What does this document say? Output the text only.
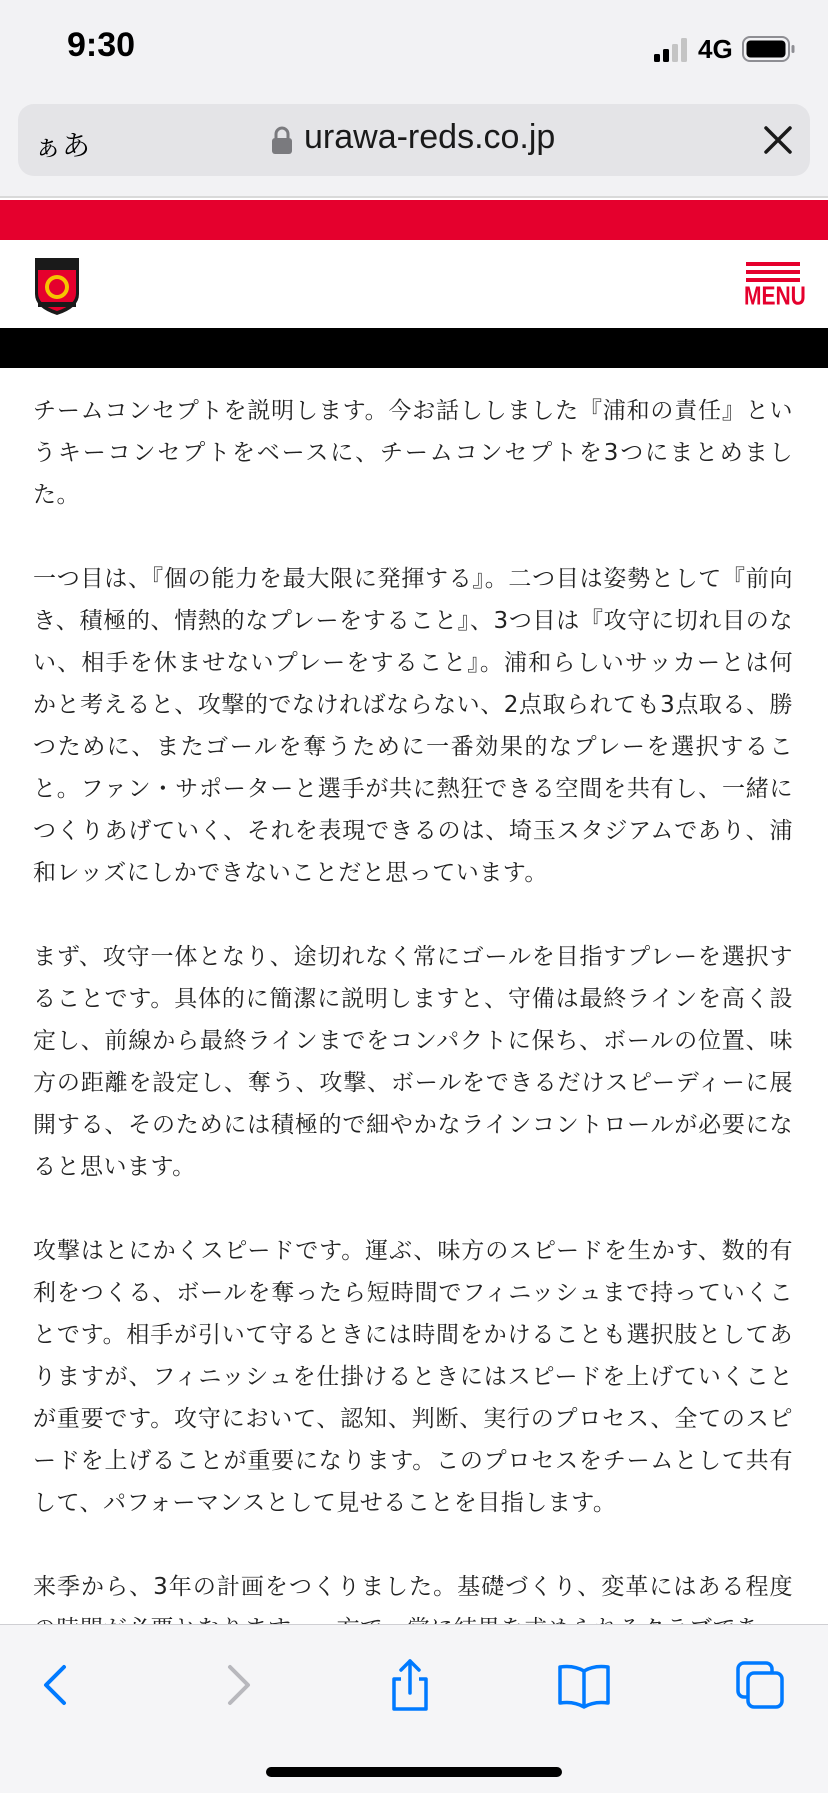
9:30	4G
ぁあ	urawa-reds.co.jp
MENU

チームコンセプトを説明します。今お話ししました『浦和の責任』というキーコンセプトをベースに、チームコンセプトを3つにまとめました。

一つ目は、『個の能力を最大限に発揮する』。二つ目は姿勢として『前向き、積極的、情熱的なプレーをすること』、3つ目は『攻守に切れ目のない、相手を休ませないプレーをすること』。浦和らしいサッカーとは何かと考えると、攻撃的でなければならない、2点取られても3点取る、勝つために、またゴールを奪うために一番効果的なプレーを選択すること。ファン・サポーターと選手が共に熱狂できる空間を共有し、一緒につくりあげていく、それを表現できるのは、埼玉スタジアムであり、浦和レッズにしかできないことだと思っています。

まず、攻守一体となり、途切れなく常にゴールを目指すプレーを選択することです。具体的に簡潔に説明しますと、守備は最終ラインを高く設定し、前線から最終ラインまでをコンパクトに保ち、ボールの位置、味方の距離を設定し、奪う、攻撃、ボールをできるだけスピーディーに展開する、そのためには積極的で細やかなラインコントロールが必要になると思います。

攻撃はとにかくスピードです。運ぶ、味方のスピードを生かす、数的有利をつくる、ボールを奪ったら短時間でフィニッシュまで持っていくことです。相手が引いて守るときには時間をかけることも選択肢としてありますが、フィニッシュを仕掛けるときにはスピードを上げていくことが重要です。攻守において、認知、判断、実行のプロセス、全てのスピードを上げることが重要になります。このプロセスをチームとして共有して、パフォーマンスとして見せることを目指します。

来季から、3年の計画をつくりました。基礎づくり、変革にはある程度
